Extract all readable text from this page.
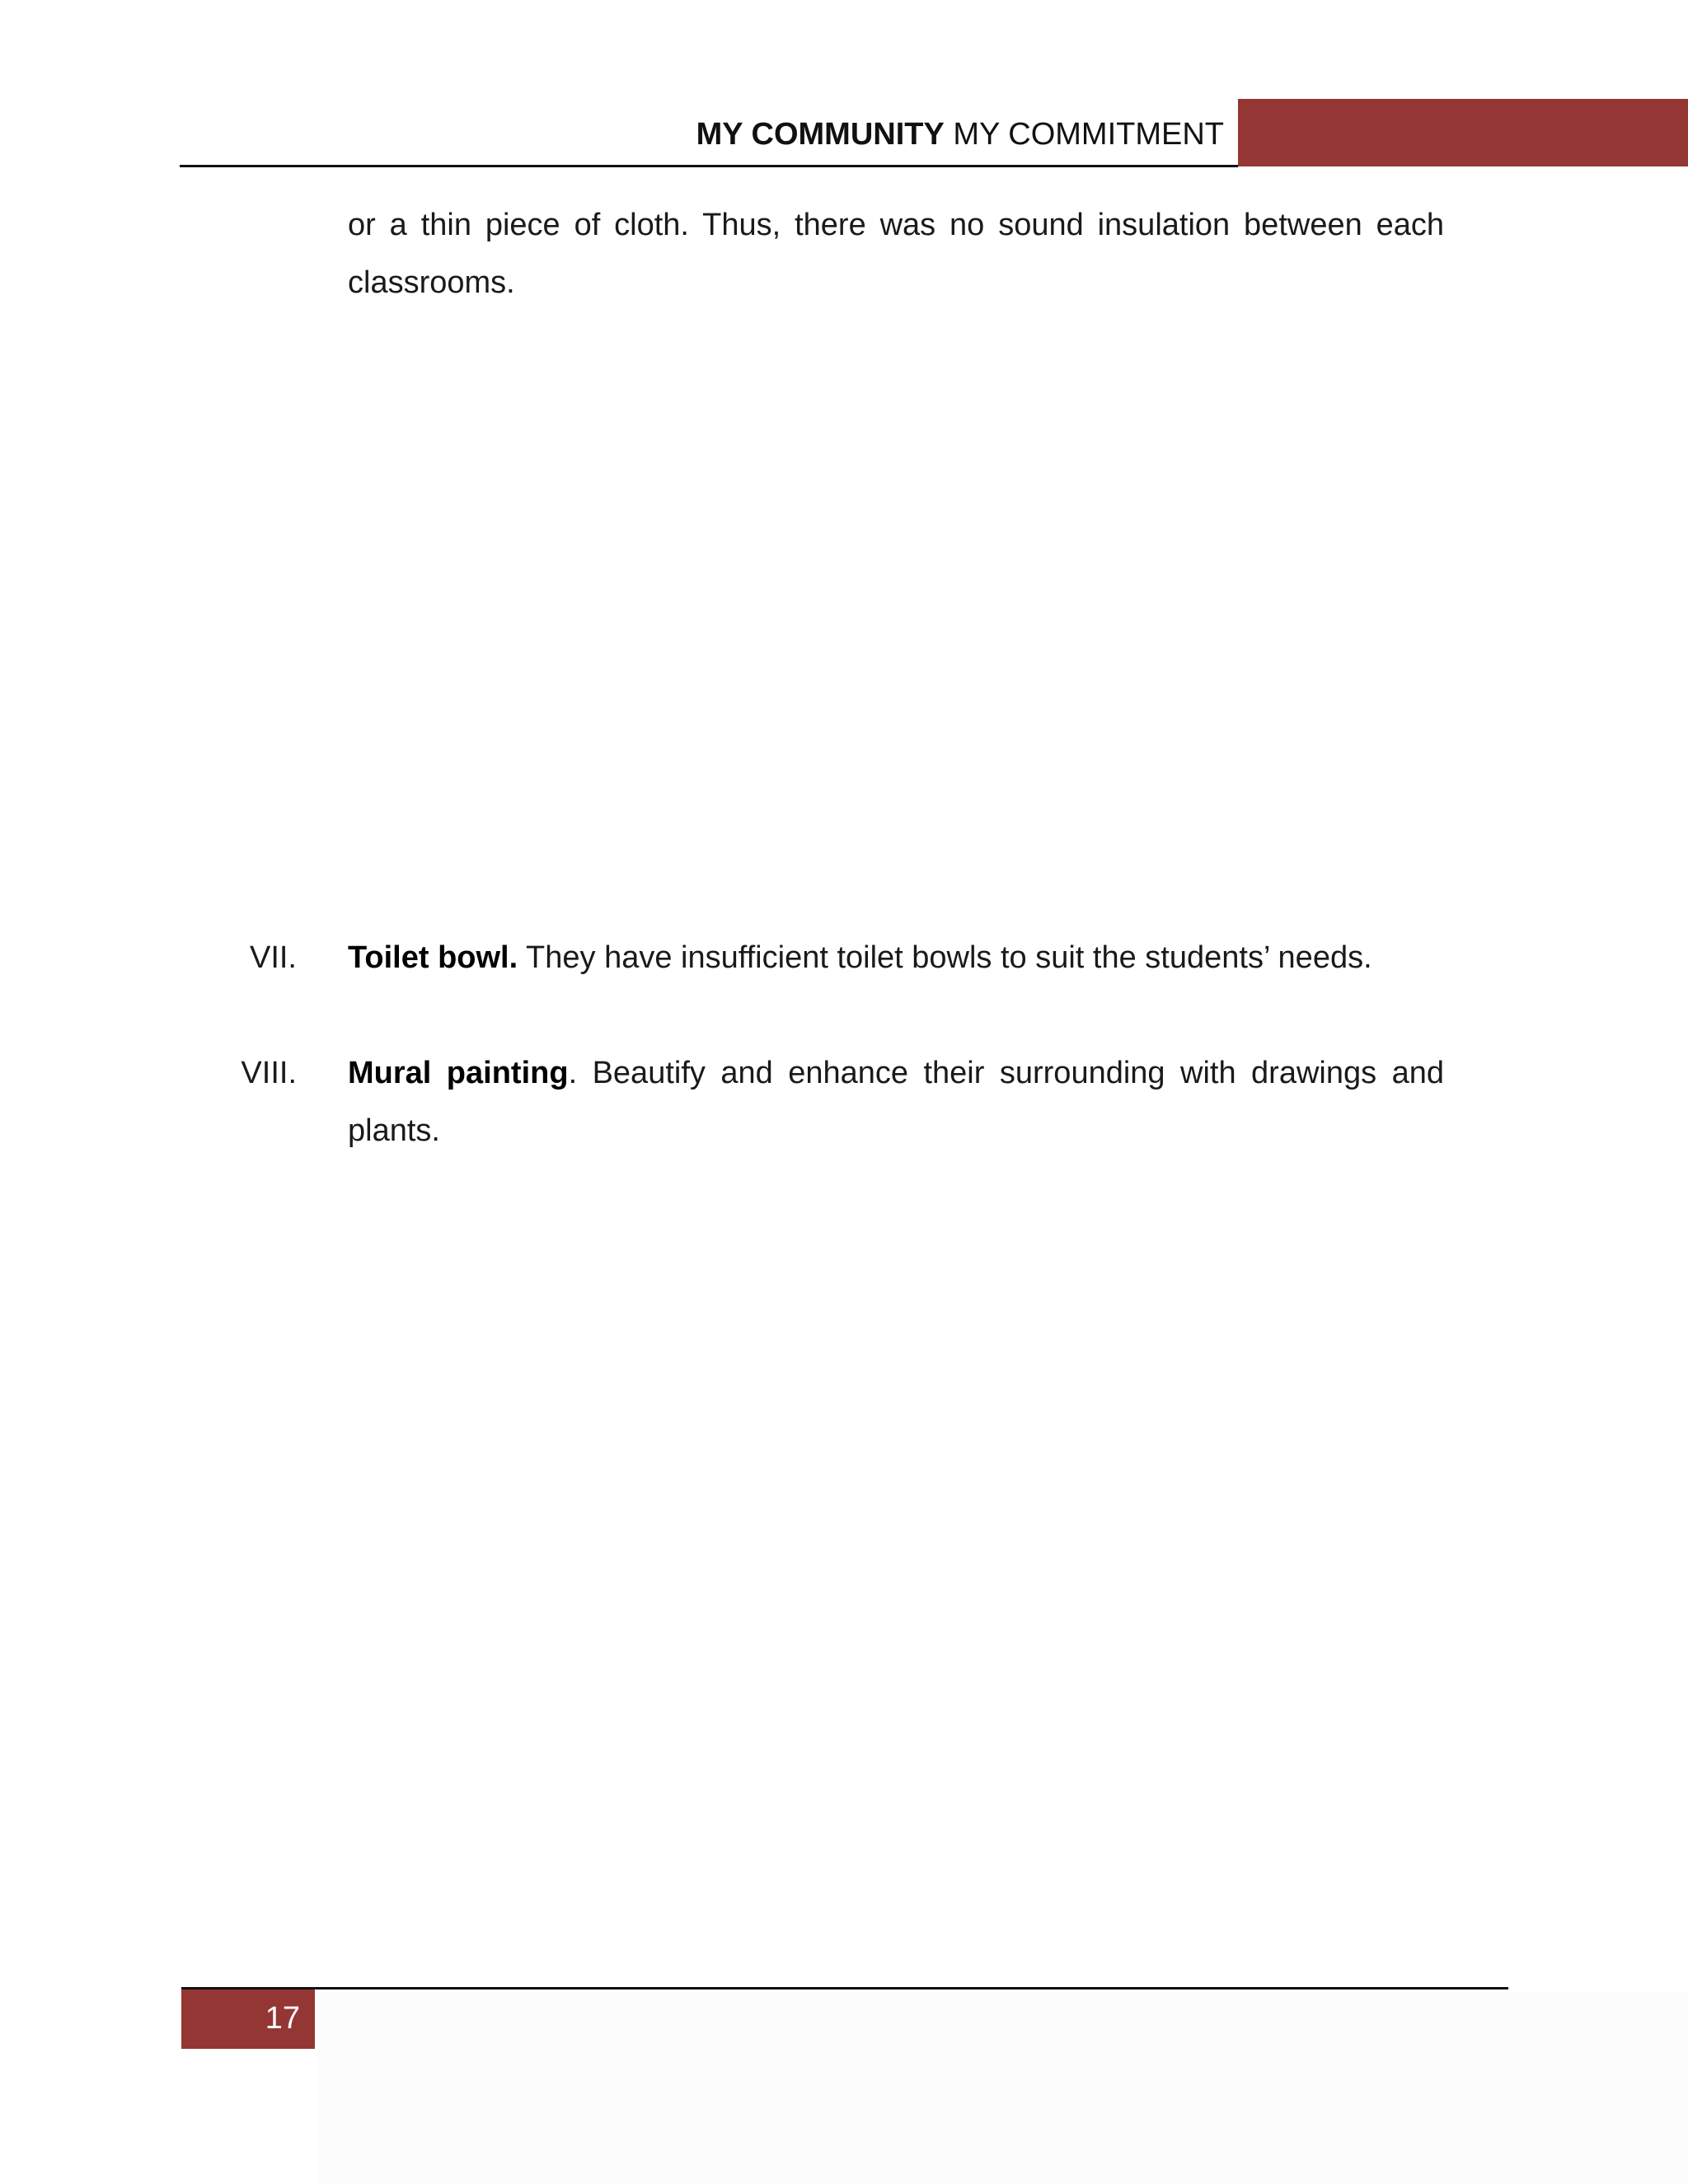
MY COMMUNITY MY COMMITMENT
or a thin piece of cloth. Thus, there was no sound insulation between each classrooms.
VII. Toilet bowl. They have insufficient toilet bowls to suit the students’ needs.
VIII. Mural painting. Beautify and enhance their surrounding with drawings and plants.
17
